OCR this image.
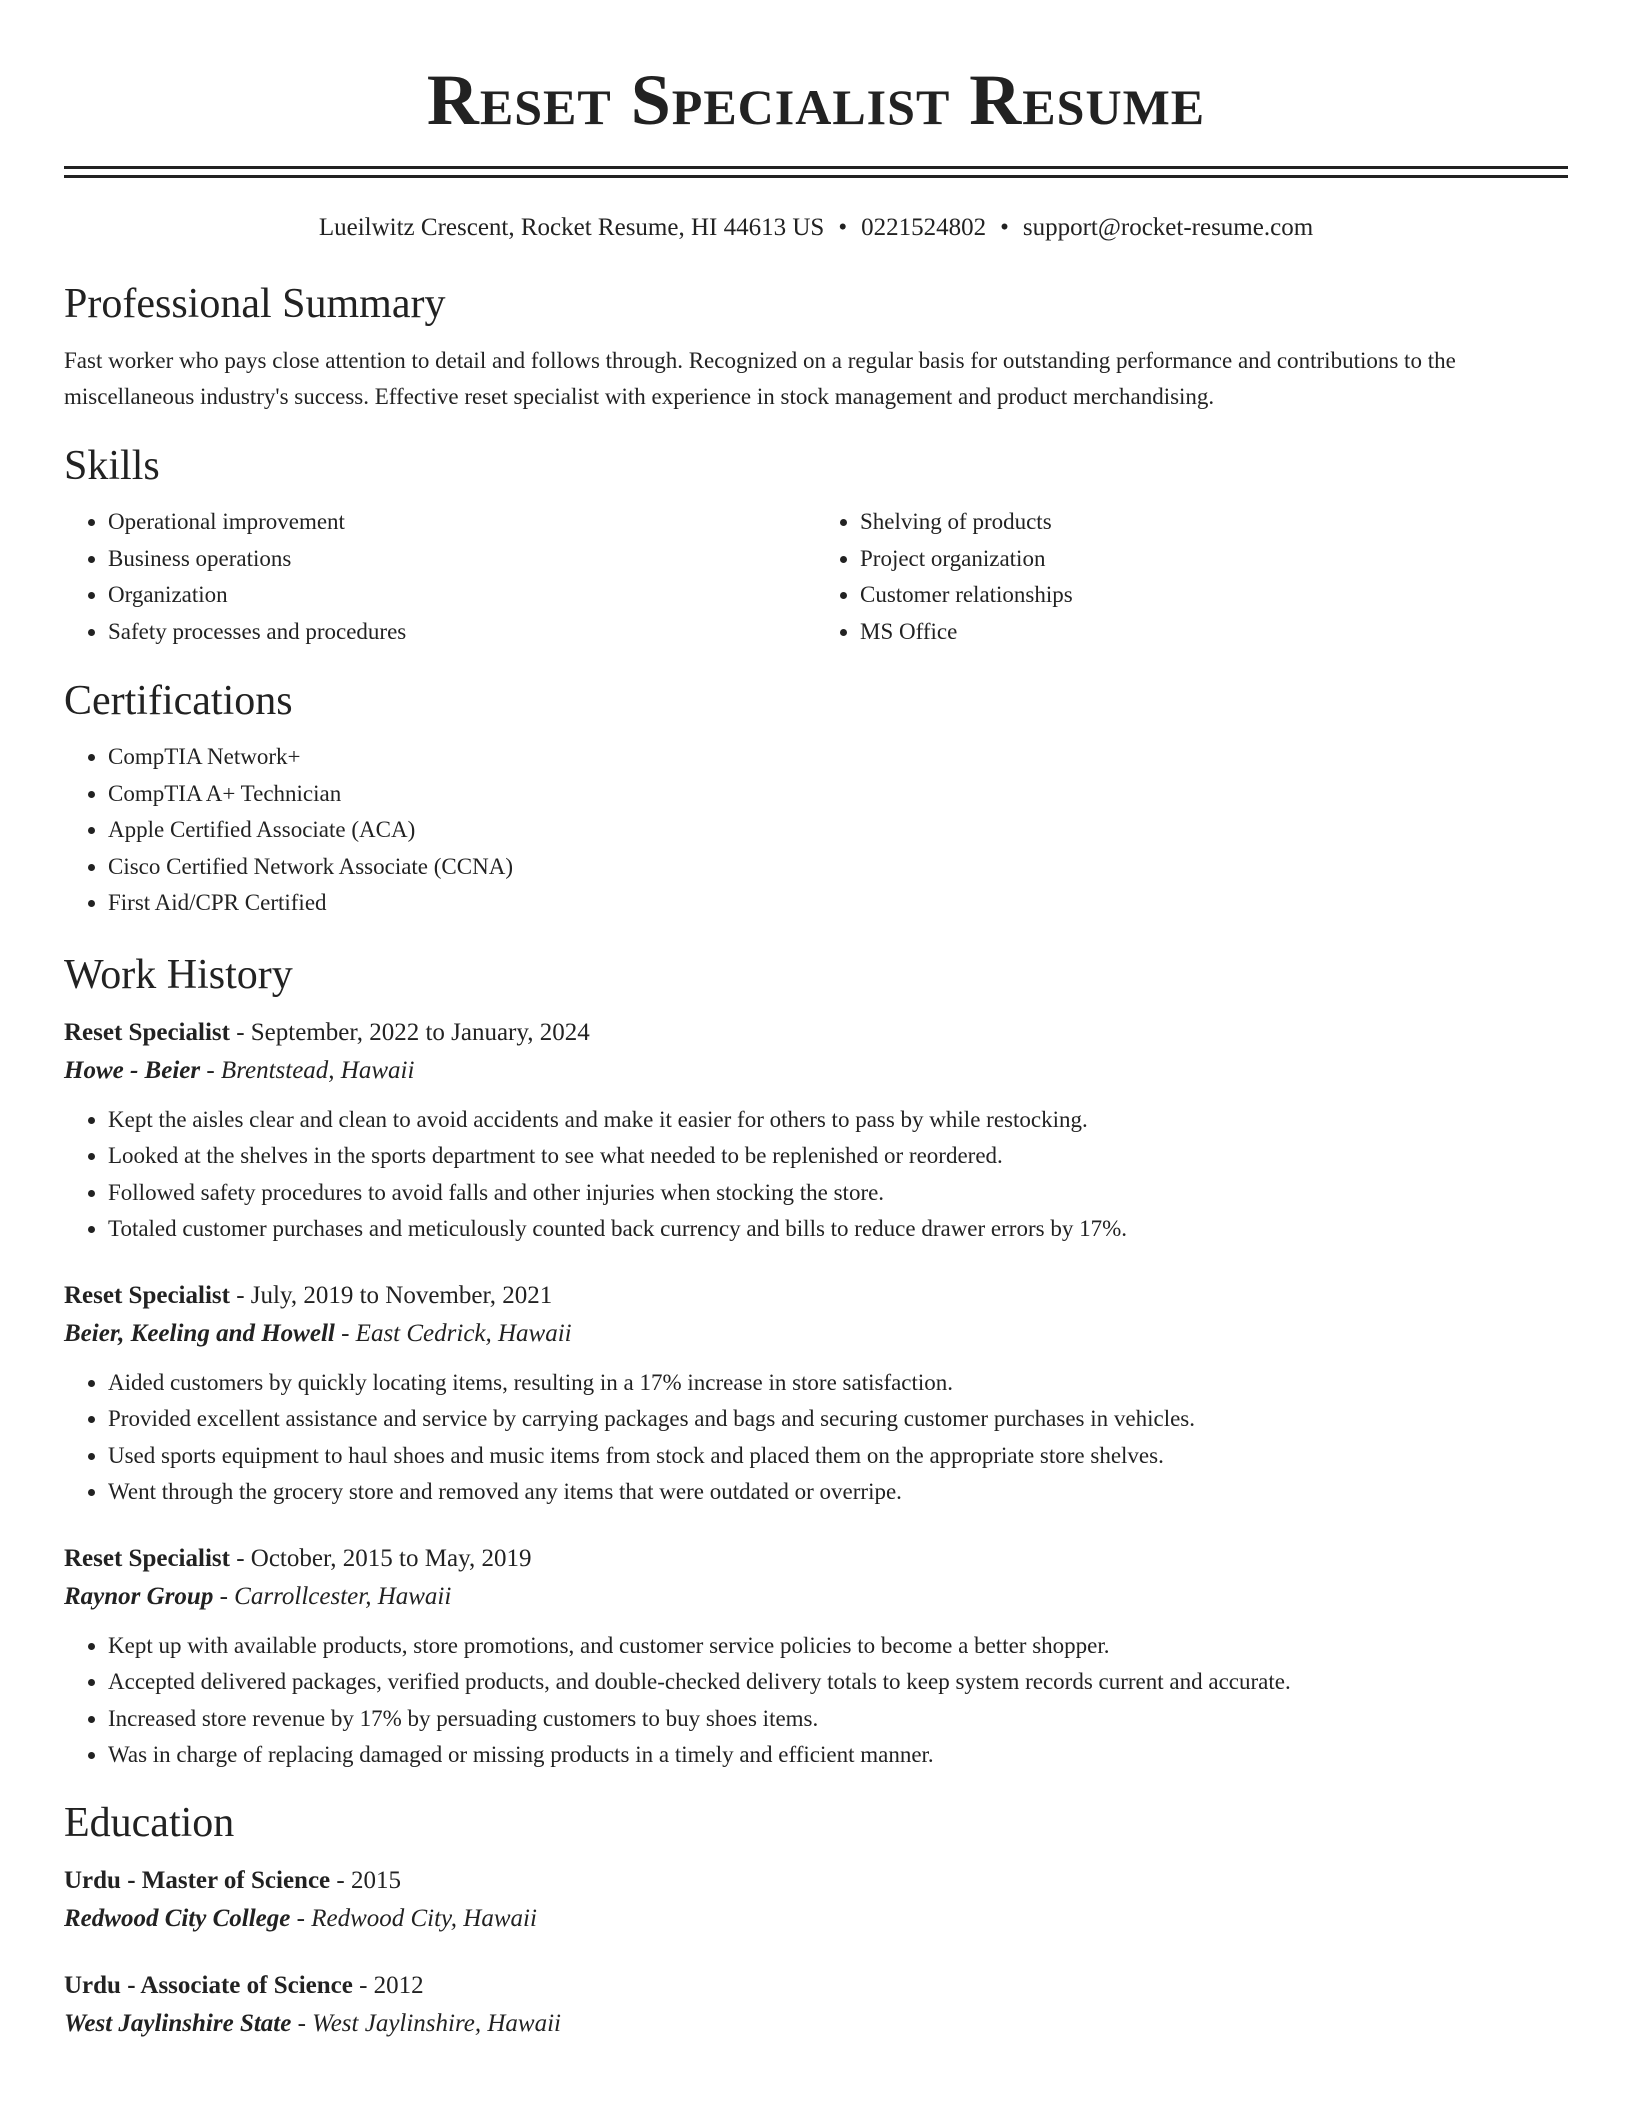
Reset Specialist Resume
Lueilwitz Crescent, Rocket Resume, HI 44613 US • 0221524802 • support@rocket-resume.com
Professional Summary

Fast worker who pays close attention to detail and follows through. Recognized on a regular basis for outstanding performance and contributions to the miscellaneous industry's success. Effective reset specialist with experience in stock management and product merchandising.

Skills
• Operational improvement
• Business operations
• Organization
• Safety processes and procedures
• Shelving of products
• Project organization
• Customer relationships
• MS Office
Certifications
• CompTIA Network+
• CompTIA A+ Technician
• Apple Certified Associate (ACA)
• Cisco Certified Network Associate (CCNA)
• First Aid/CPR Certified
Work History
Reset Specialist - September, 2022 to January, 2024
Howe - Beier - Brentstead, Hawaii
• Kept the aisles clear and clean to avoid accidents and make it easier for others to pass by while restocking.
• Looked at the shelves in the sports department to see what needed to be replenished or reordered.
• Followed safety procedures to avoid falls and other injuries when stocking the store.
• Totaled customer purchases and meticulously counted back currency and bills to reduce drawer errors by 17%.
Reset Specialist - July, 2019 to November, 2021
Beier, Keeling and Howell - East Cedrick, Hawaii
• Aided customers by quickly locating items, resulting in a 17% increase in store satisfaction.
• Provided excellent assistance and service by carrying packages and bags and securing customer purchases in vehicles.
• Used sports equipment to haul shoes and music items from stock and placed them on the appropriate store shelves.
• Went through the grocery store and removed any items that were outdated or overripe.
Reset Specialist - October, 2015 to May, 2019
Raynor Group - Carrollcester, Hawaii
• Kept up with available products, store promotions, and customer service policies to become a better shopper.
• Accepted delivered packages, verified products, and double-checked delivery totals to keep system records current and accurate.
• Increased store revenue by 17% by persuading customers to buy shoes items.
• Was in charge of replacing damaged or missing products in a timely and efficient manner.
Education
Urdu - Master of Science - 2015
Redwood City College - Redwood City, Hawaii
Urdu - Associate of Science - 2012
West Jaylinshire State - West Jaylinshire, Hawaii
